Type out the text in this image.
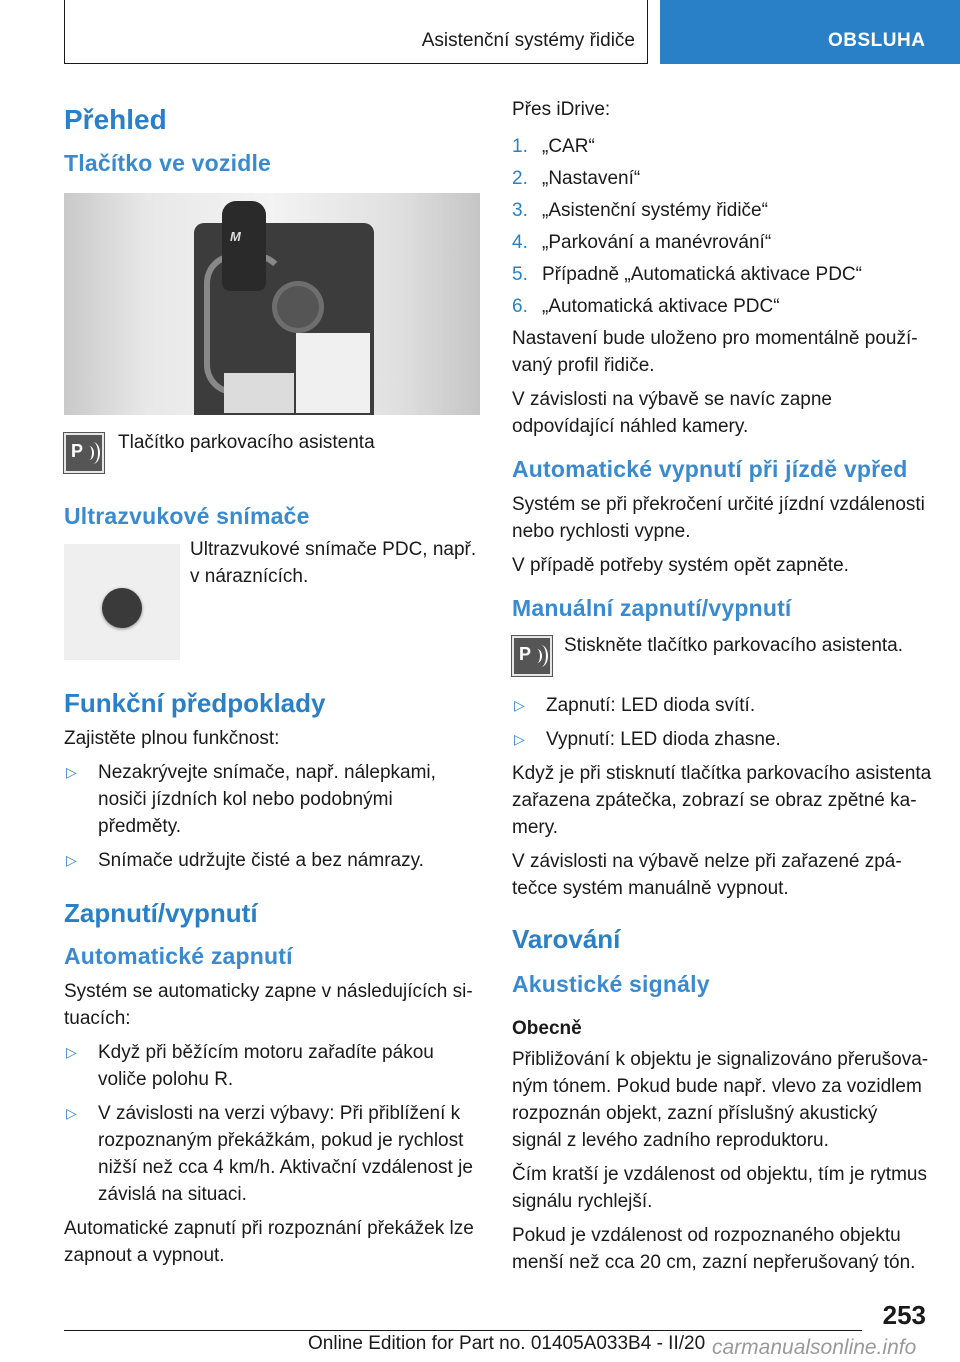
Asistenční systémy řidiče	OBSLUHA
Přehled
Tlačítko ve vozidle
M
P	Tlačítko parkovacího asistenta
Ultrazvukové snímače
Ultrazvukové snímače PDC, např. v náraznících.
Funkční předpoklady

Zajistěte plnou funkčnost:

▷	Nezakrývejte snímače, např. nálepkami, nosiči jízdních kol nebo podobnými předměty.
▷	Snímače udržujte čisté a bez námrazy.
Zapnutí/vypnutí
Automatické zapnutí

Systém se automaticky zapne v následujících situacích:

▷	Když při běžícím motoru zařadíte pákou voliče polohu R.
▷	V závislosti na verzi výbavy: Při přiblížení k rozpoznaným překážkám, pokud je rychlost nižší než cca 4 km/h. Aktivační vzdálenost je závislá na situaci.

Automatické zapnutí při rozpoznání překážek lze zapnout a vypnout.

Přes iDrive:

1. „CAR“
2. „Nastavení“
3. „Asistenční systémy řidiče“
4. „Parkování a manévrování“
5. Případně „Automatická aktivace PDC“
6. „Automatická aktivace PDC“

Nastavení bude uloženo pro momentálně používaný profil řidiče.

V závislosti na výbavě se navíc zapne odpovídající náhled kamery.

Automatické vypnutí při jízdě vpřed

Systém se při překročení určité jízdní vzdálenosti nebo rychlosti vypne.

V případě potřeby systém opět zapněte.

Manuální zapnutí/vypnutí
P	Stiskněte tlačítko parkovacího asistenta.
▷	Zapnutí: LED dioda svítí.
▷	Vypnutí: LED dioda zhasne.

Když je při stisknutí tlačítka parkovacího asistenta zařazena zpátečka, zobrazí se obraz zpětné kamery.

V závislosti na výbavě nelze při zařazené zpátečce systém manuálně vypnout.

Varování
Akustické signály
Obecně

Přibližování k objektu je signalizováno přerušovaným tónem. Pokud bude např. vlevo za vozidlem rozpoznán objekt, zazní příslušný akustický signál z levého zadního reproduktoru.

Čím kratší je vzdálenost od objektu, tím je rytmus signálu rychlejší.

Pokud je vzdálenost od rozpoznaného objektu menší než cca 20 cm, zazní nepřerušovaný tón.

253
Online Edition for Part no. 01405A033B4 - II/20 carmanualsonline.info
